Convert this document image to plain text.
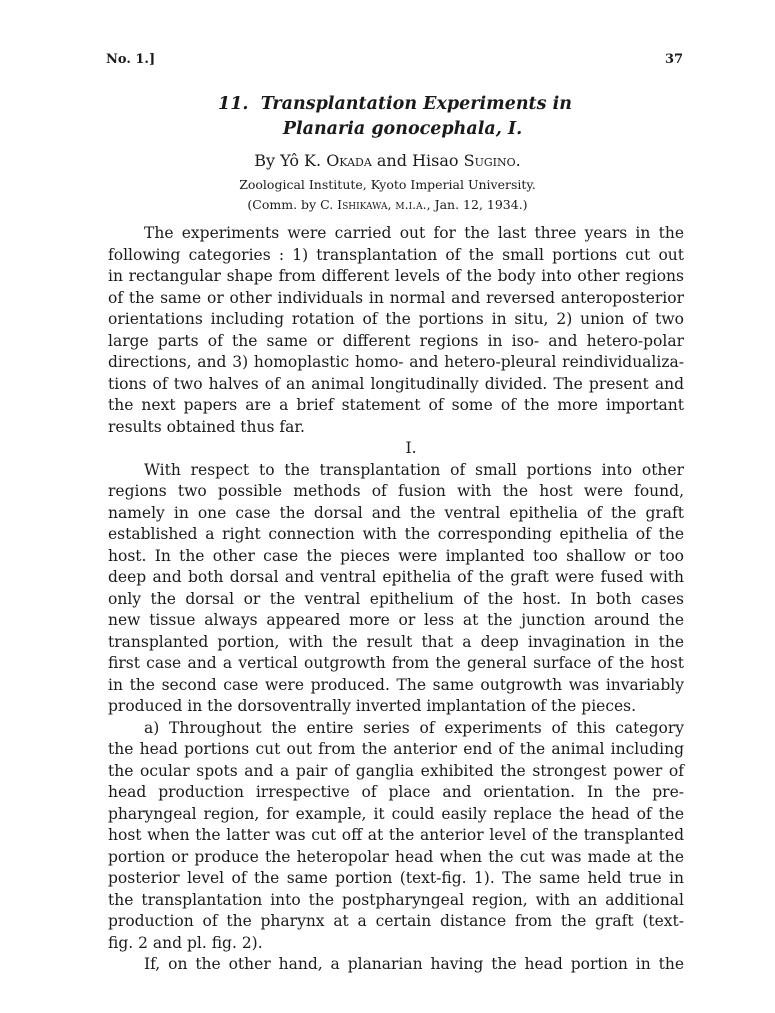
No. 1.]	37
11. Transplantation Experiments in
Planaria gonocephala, I.
By Yô K. Okada and Hisao Sugino.
Zoological Institute, Kyoto Imperial University.
(Comm. by C. Ishikawa, m.i.a., Jan. 12, 1934.)
The experiments were carried out for the last three years in the
following categories : 1) transplantation of the small portions cut out
in rectangular shape from different levels of the body into other regions
of the same or other individuals in normal and reversed anteroposterior
orientations including rotation of the portions in situ, 2) union of two
large parts of the same or different regions in iso- and hetero-polar
directions, and 3) homoplastic homo- and hetero-pleural reindividualiza-
tions of two halves of an animal longitudinally divided. The present and
the next papers are a brief statement of some of the more important
results obtained thus far.
I.
With respect to the transplantation of small portions into other
regions two possible methods of fusion with the host were found,
namely in one case the dorsal and the ventral epithelia of the graft
established a right connection with the corresponding epithelia of the
host. In the other case the pieces were implanted too shallow or too
deep and both dorsal and ventral epithelia of the graft were fused with
only the dorsal or the ventral epithelium of the host. In both cases
new tissue always appeared more or less at the junction around the
transplanted portion, with the result that a deep invagination in the
first case and a vertical outgrowth from the general surface of the host
in the second case were produced. The same outgrowth was invariably
produced in the dorsoventrally inverted implantation of the pieces.
a) Throughout the entire series of experiments of this category
the head portions cut out from the anterior end of the animal including
the ocular spots and a pair of ganglia exhibited the strongest power of
head production irrespective of place and orientation. In the pre-
pharyngeal region, for example, it could easily replace the head of the
host when the latter was cut off at the anterior level of the transplanted
portion or produce the heteropolar head when the cut was made at the
posterior level of the same portion (text-fig. 1). The same held true in
the transplantation into the postpharyngeal region, with an additional
production of the pharynx at a certain distance from the graft (text-
fig. 2 and pl. fig. 2).
If, on the other hand, a planarian having the head portion in the
